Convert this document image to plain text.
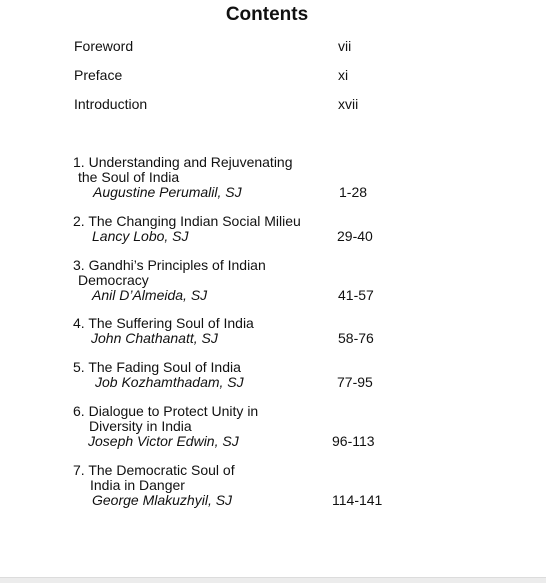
Contents
Foreword	vii
Preface	xi
Introduction	xvii
1. Understanding and Rejuvenating
the Soul of India
Augustine Perumalil, SJ	1-28
2. The Changing Indian Social Milieu
Lancy Lobo, SJ	29-40
3. Gandhi’s Principles of Indian
Democracy
Anil D’Almeida, SJ	41-57
4. The Suffering Soul of India
John Chathanatt, SJ	58-76
5. The Fading Soul of India
Job Kozhamthadam, SJ	77-95
6. Dialogue to Protect Unity in
Diversity in India
Joseph Victor Edwin, SJ	96-113
7. The Democratic Soul of
India in Danger
George Mlakuzhyil, SJ	114-141
